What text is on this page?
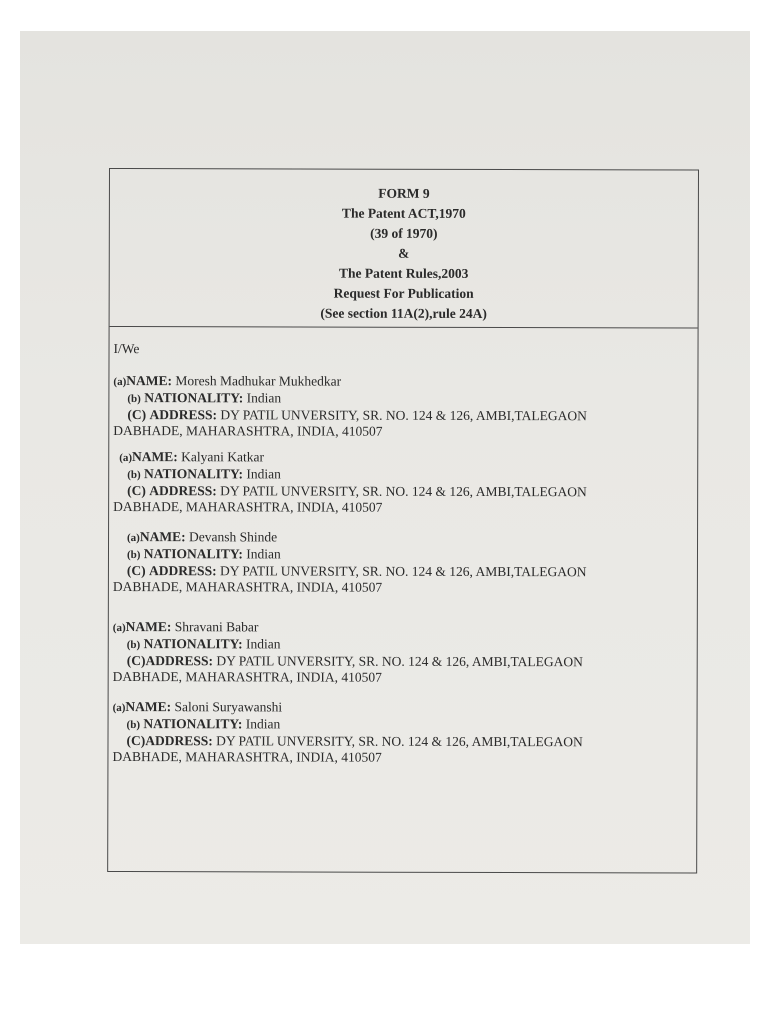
FORM 9
The Patent ACT,1970
(39 of 1970)
&
The Patent Rules,2003
Request For Publication
(See section 11A(2),rule 24A)
I/We
(a)NAME: Moresh Madhukar Mukhedkar
(b) NATIONALITY: Indian
(C) ADDRESS: DY PATIL UNVERSITY, SR. NO. 124 & 126, AMBI,TALEGAON
DABHADE, MAHARASHTRA, INDIA, 410507
(a)NAME: Kalyani Katkar
(b) NATIONALITY: Indian
(C) ADDRESS: DY PATIL UNVERSITY, SR. NO. 124 & 126, AMBI,TALEGAON
DABHADE, MAHARASHTRA, INDIA, 410507
(a)NAME: Devansh Shinde
(b) NATIONALITY: Indian
(C) ADDRESS: DY PATIL UNVERSITY, SR. NO. 124 & 126, AMBI,TALEGAON
DABHADE, MAHARASHTRA, INDIA, 410507
(a)NAME: Shravani Babar
(b) NATIONALITY: Indian
(C)ADDRESS: DY PATIL UNVERSITY, SR. NO. 124 & 126, AMBI,TALEGAON
DABHADE, MAHARASHTRA, INDIA, 410507
(a)NAME: Saloni Suryawanshi
(b) NATIONALITY: Indian
(C)ADDRESS: DY PATIL UNVERSITY, SR. NO. 124 & 126, AMBI,TALEGAON
DABHADE, MAHARASHTRA, INDIA, 410507
